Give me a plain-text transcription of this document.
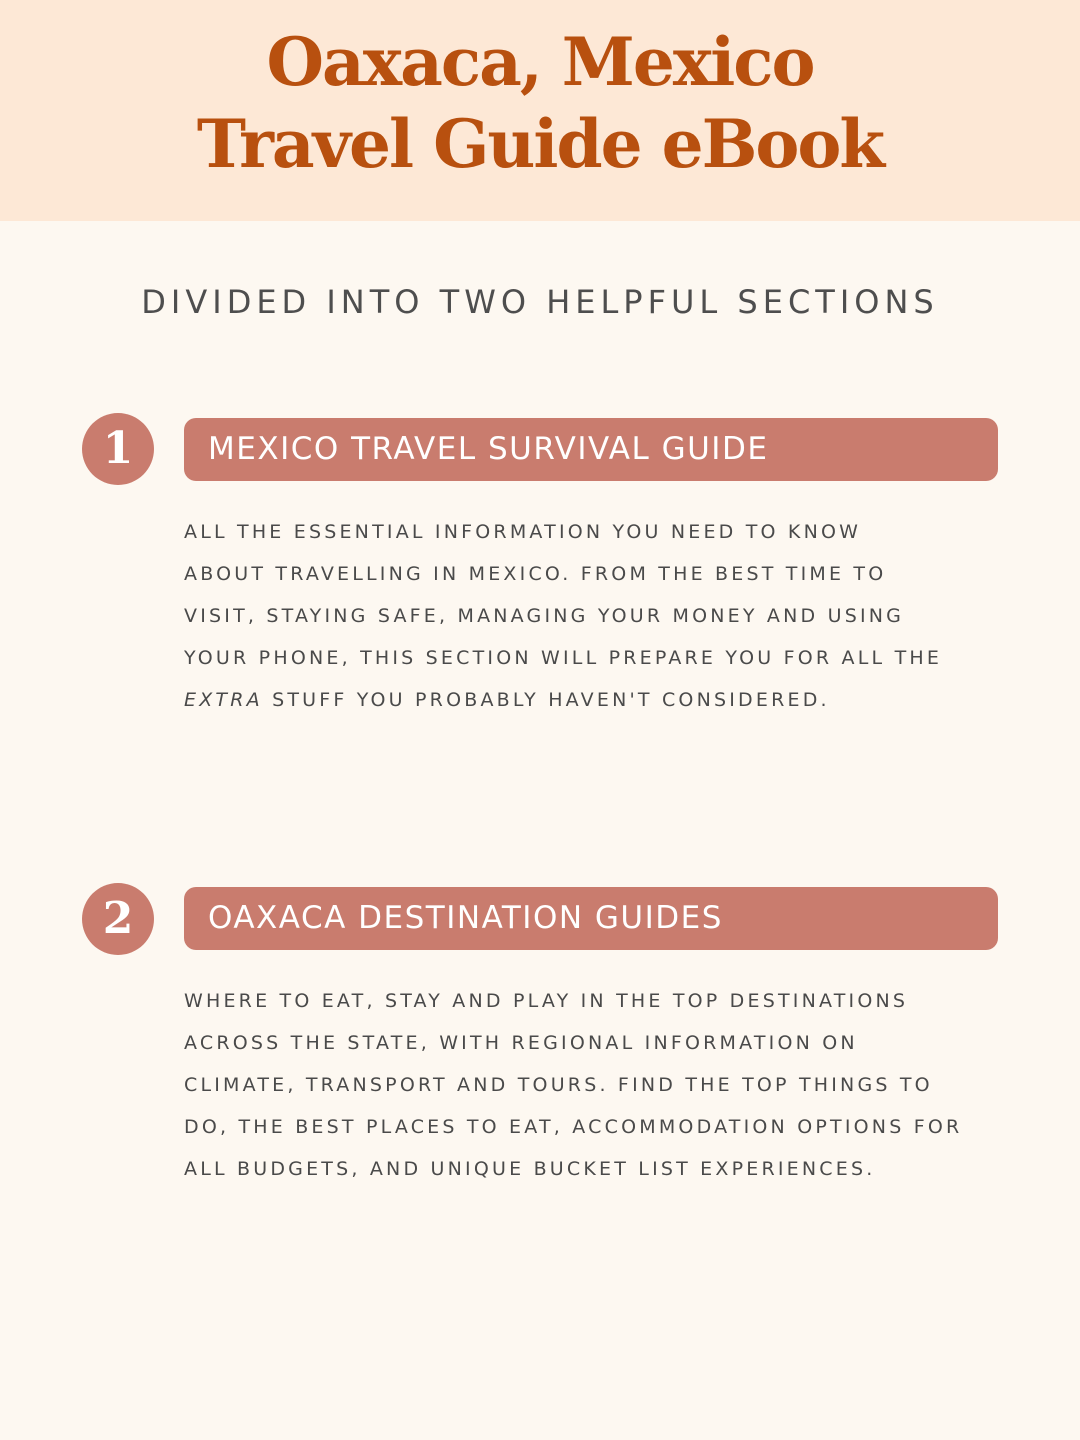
Oaxaca, Mexico
Travel Guide eBook
DIVIDED INTO TWO HELPFUL SECTIONS
1	MEXICO TRAVEL SURVIVAL GUIDE
ALL THE ESSENTIAL INFORMATION YOU NEED TO KNOW
ABOUT TRAVELLING IN MEXICO. FROM THE BEST TIME TO
VISIT, STAYING SAFE, MANAGING YOUR MONEY AND USING
YOUR PHONE, THIS SECTION WILL PREPARE YOU FOR ALL THE
EXTRA STUFF YOU PROBABLY HAVEN'T CONSIDERED.
2	OAXACA DESTINATION GUIDES
WHERE TO EAT, STAY AND PLAY IN THE TOP DESTINATIONS
ACROSS THE STATE, WITH REGIONAL INFORMATION ON
CLIMATE, TRANSPORT AND TOURS. FIND THE TOP THINGS TO
DO, THE BEST PLACES TO EAT, ACCOMMODATION OPTIONS FOR
ALL BUDGETS, AND UNIQUE BUCKET LIST EXPERIENCES.
